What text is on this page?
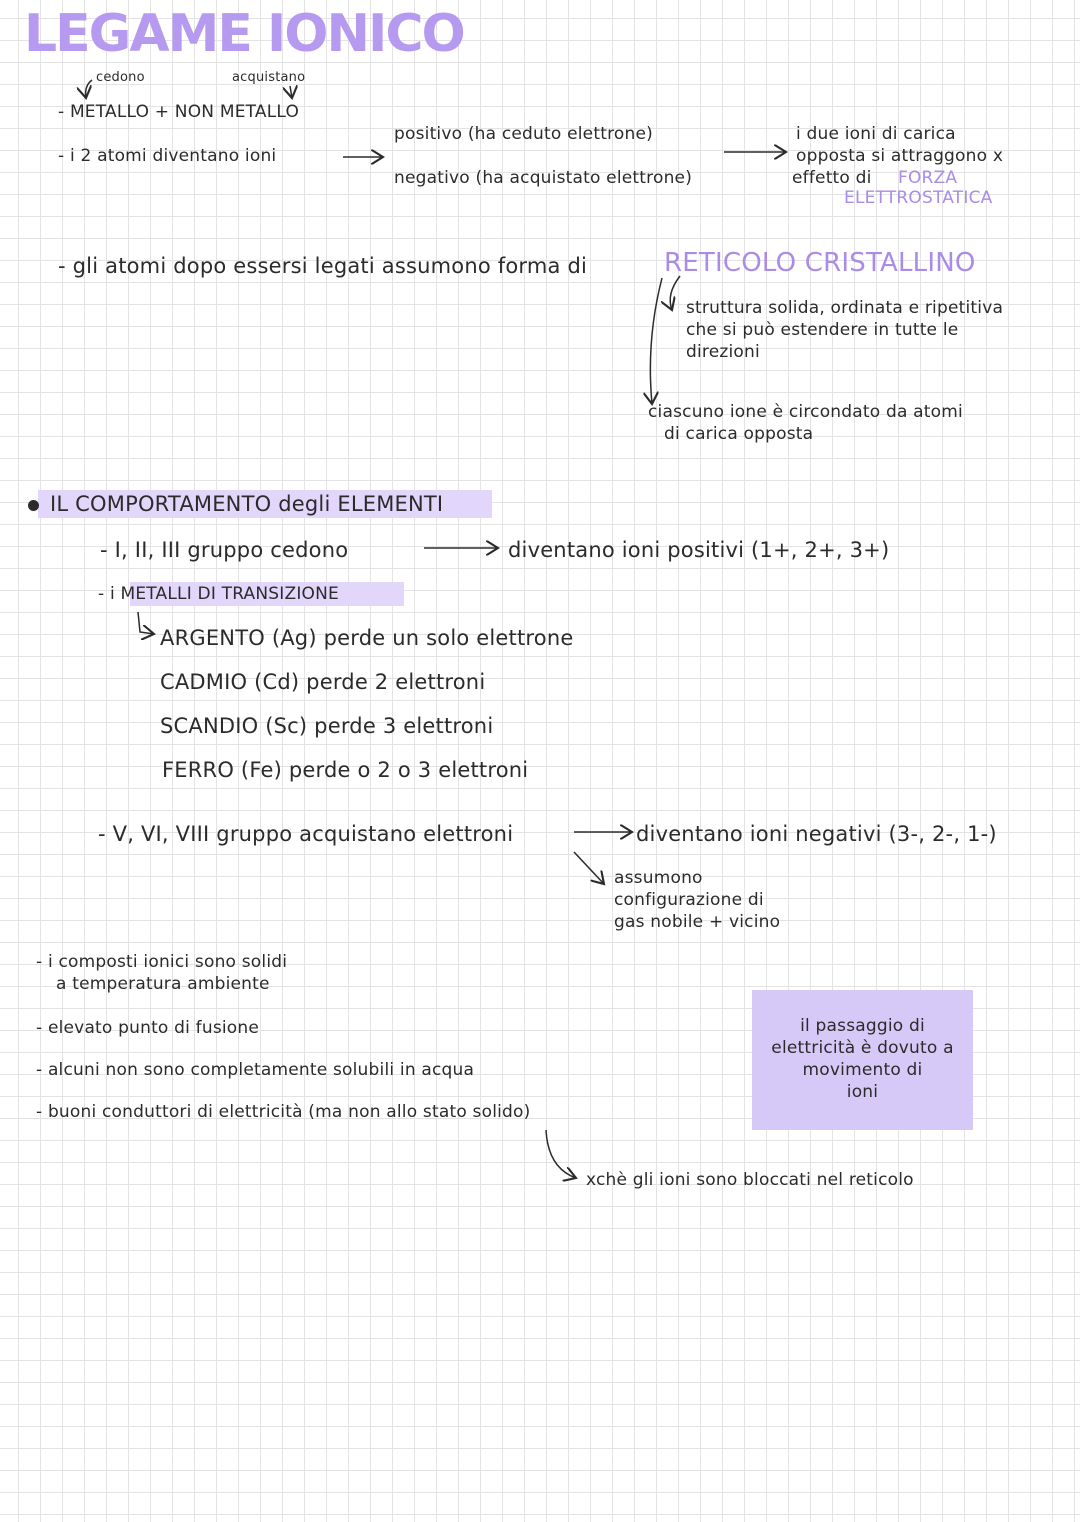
LEGAME IONICO
cedono	acquistano
- METALLO + NON METALLO
- i 2 atomi diventano ioni
positivo (ha ceduto elettrone)
negativo (ha acquistato elettrone)
i due ioni di carica
opposta si attraggono x
effetto di FORZA
ELETTROSTATICA
- gli atomi dopo essersi legati assumono forma di	RETICOLO CRISTALLINO
struttura solida, ordinata e ripetitiva
che si può estendere in tutte le
direzioni
ciascuno ione è circondato da atomi
di carica opposta
IL COMPORTAMENTO degli ELEMENTI
- I, II, III gruppo cedono	diventano ioni positivi (1+, 2+, 3+)
- i METALLI DI TRANSIZIONE
ARGENTO (Ag) perde un solo elettrone
CADMIO (Cd) perde 2 elettroni
SCANDIO (Sc) perde 3 elettroni
FERRO (Fe) perde o 2 o 3 elettroni
- V, VI, VIII gruppo acquistano elettroni	diventano ioni negativi (3-, 2-, 1-)
assumono
configurazione di
gas nobile + vicino
- i composti ionici sono solidi
a temperatura ambiente
- elevato punto di fusione
- alcuni non sono completamente solubili in acqua
- buoni conduttori di elettricità (ma non allo stato solido)
xchè gli ioni sono bloccati nel reticolo
il passaggio di
elettricità è dovuto a
movimento di
ioni
